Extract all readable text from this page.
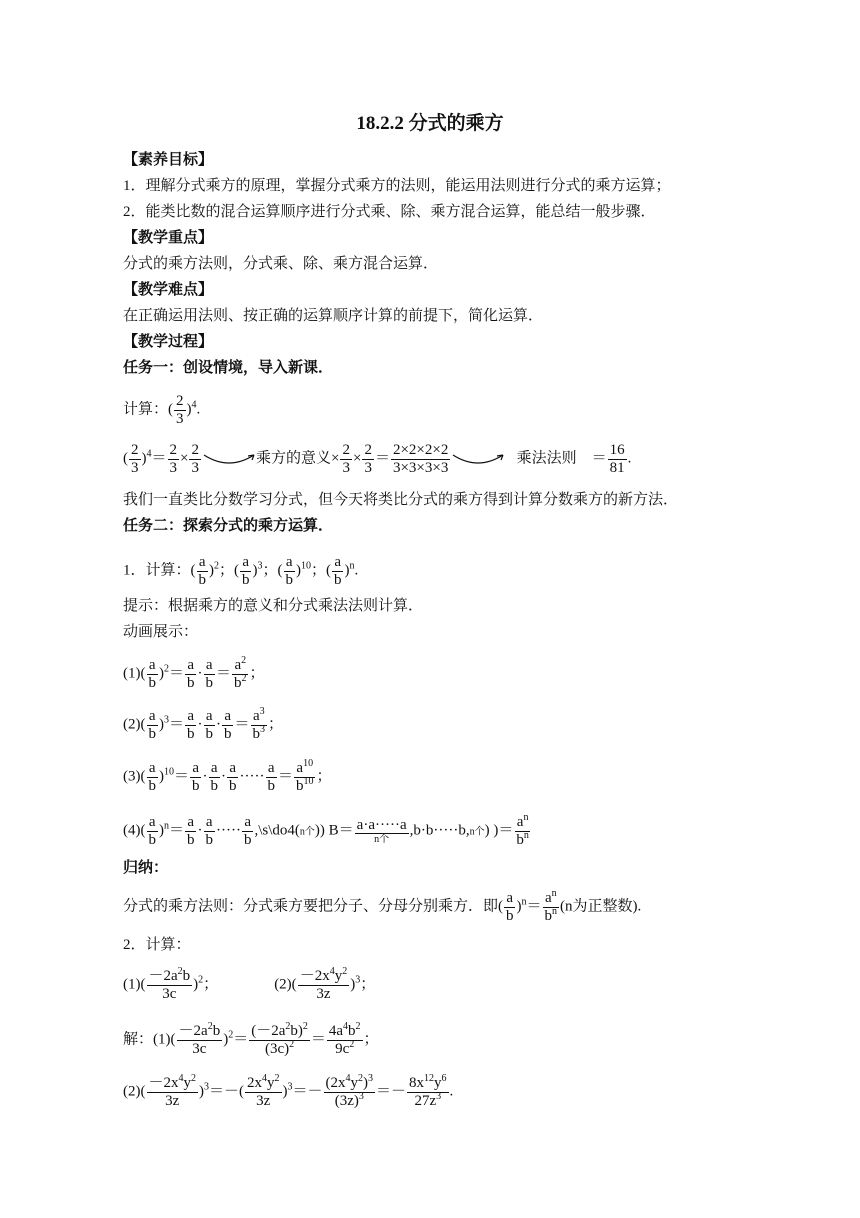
18.2.2 分式的乘方
【素养目标】
1．理解分式乘方的原理，掌握分式乘方的法则，能运用法则进行分式的乘方运算；
2．能类比数的混合运算顺序进行分式乘、除、乘方混合运算，能总结一般步骤．
【教学重点】
分式的乘方法则，分式乘、除、乘方混合运算．
【教学难点】
在正确运用法则、按正确的运算顺序计算的前提下，简化运算．
【教学过程】
任务一：创设情境，导入新课．
计算：( $\frac{2}{3} )^4$.
( $\frac{2}{3} )^4= \frac{2}{3} \times \frac{2}{3}$	乘方的意义× $\frac{2}{3} \times \frac{2}{3} = \frac{2\times 2\times 2\times 2}{3\times 3\times 3\times 3}$	乘法法则    ＝ $\frac{16}{81}$ .
我们一直类比分数学习分式，但今天将类比分式的乘方得到计算分数乘方的新方法．
任务二：探索分式的乘方运算．
1．计算：( $\frac{a}{b} )^2$；( $\frac{a}{b} )^3$；( $\frac{a}{b} )^{10}$；( $\frac{a}{b} )^n$.
提示：根据乘方的意义和分式乘法法则计算．
动画展示：
$(1)( \frac{a}{b} )^2= \frac{a}{b} \cdot \frac{a}{b} = \frac{a^2}{b^2}$ ；
$(2)( \frac{a}{b} )^3= \frac{a}{b} \cdot \frac{a}{b} \cdot \frac{a}{b} = \frac{a^3}{b^3}$ ；
$(3)( \frac{a}{b} )^{10}= \frac{a}{b} \cdot \frac{a}{b} \cdot \frac{a}{b}$ ····· $\frac{a}{b} = \frac{a^{10}}{b^{10}}$ ；
$(4)( \frac{a}{b} )^n= \frac{a}{b} \cdot \frac{a}{b}$ ····· $\frac{a}{b}$ ,\s\do4(n个)) $B= \frac{a\cdot a\cdot\cdot\cdot\cdot\cdot a}{\text{n个}} ,b\cdot b\cdot\cdot\cdot\cdot\cdot b,n$个) )＝ $\frac{a^n}{b^n}$
归纳：
分式的乘方法则：分式乘方要把分子、分母分别乘方．即( $\frac{a}{b} )^n= \frac{a^n}{b^n} (n$为正整数).
2．计算：
$(1)( \frac{-2a^2b}{3c} )^2$；	$(2)( \frac{-2x^4y^2}{3z} )^3$；
解：$(1)( \frac{-2a^2b}{3c} )^2= \frac{(-2a^2b)^2}{(3c)^2} = \frac{4a^4b^2}{9c^2}$ ；
$(2)( \frac{-2x^4y^2}{3z} )^3=-( \frac{2x^4y^2}{3z} )^3=- \frac{(2x^4y^2)^3}{(3z)^3} =- \frac{8x^{12}y^6}{27z^3}$ .
